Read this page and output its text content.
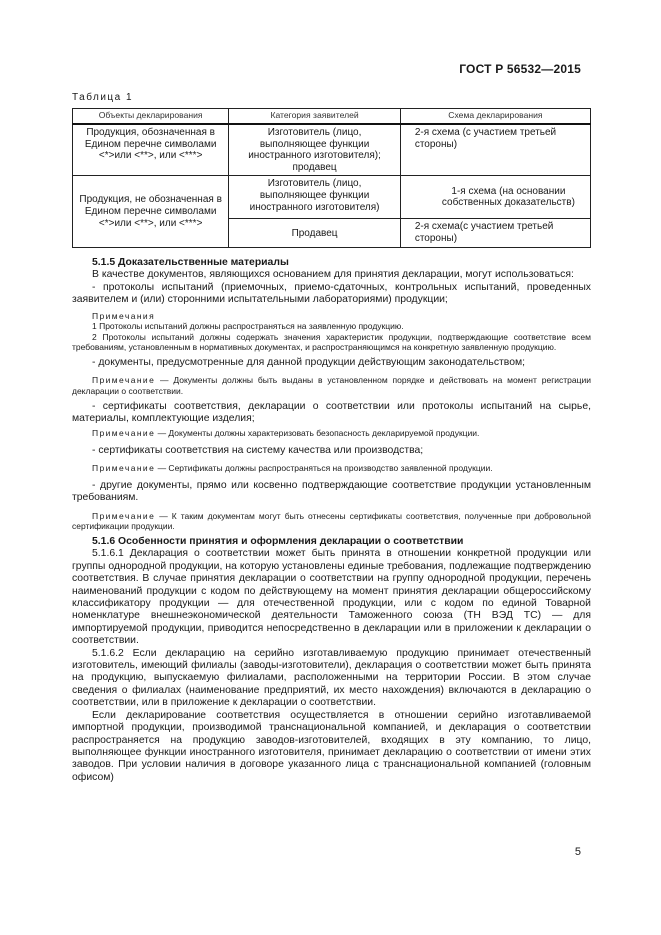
ГОСТ Р 56532—2015
Таблица 1
Объекты декларирования	Категория заявителей	Схема декларирования
Продукция, обозначенная в Едином перечне символами <*>или <**>, или <***>	Изготовитель (лицо, выполняющее функции иностранного изготовителя); продавец	2-я схема (с участием третьей стороны)
Продукция, не обозначенная в Едином перечне символами <*>или <**>, или <***>	Изготовитель (лицо, выполняющее функции иностранного изготовителя)	1-я схема (на основании собственных доказательств)
	Продавец	2-я схема(с участием третьей стороны)

5.1.5 Доказательственные материалы

В качестве документов, являющихся основанием для принятия декларации, могут использоваться:

- протоколы испытаний (приемочных, приемо-сдаточных, контрольных испытаний, проведенных заявителем и (или) сторонними испытательными лабораториями) продукции;

Примечания

1 Протоколы испытаний должны распространяться на заявленную продукцию.

2 Протоколы испытаний должны содержать значения характеристик продукции, подтверждающие соответствие всем требованиям, установленным в нормативных документах, и распространяющимся на конкретную заявленную продукцию.

- документы, предусмотренные для данной продукции действующим законодательством;

Примечание — Документы должны быть выданы в установленном порядке и действовать на момент регистрации декларации о соответствии.

- сертификаты соответствия, декларации о соответствии или протоколы испытаний на сырье, материалы, комплектующие изделия;

Примечание — Документы должны характеризовать безопасность декларируемой продукции.

- сертификаты соответствия на систему качества или производства;

Примечание — Сертификаты должны распространяться на производство заявленной продукции.

- другие документы, прямо или косвенно подтверждающие соответствие продукции установленным требованиям.

Примечание — К таким документам могут быть отнесены сертификаты соответствия, полученные при добровольной сертификации продукции.

5.1.6 Особенности принятия и оформления декларации о соответствии

5.1.6.1 Декларация о соответствии может быть принята в отношении конкретной продукции или группы однородной продукции, на которую установлены единые требования, подлежащие подтверждению соответствия. В случае принятия декларации о соответствии на группу однородной продукции, перечень наименований продукции с кодом по действующему на момент принятия декларации общероссийскому классификатору продукции — для отечественной продукции, или с кодом по единой Товарной номенклатуре внешнеэкономической деятельности Таможенного союза (ТН ВЭД ТС) — для импортируемой продукции, приводится непосредственно в декларации или в приложении к декларации о соответствии.

5.1.6.2 Если декларацию на серийно изготавливаемую продукцию принимает отечественный изготовитель, имеющий филиалы (заводы-изготовители), декларация о соответствии может быть принята на продукцию, выпускаемую филиалами, расположенными на территории России. В этом случае сведения о филиалах (наименование предприятий, их место нахождения) включаются в декларацию о соответствии, или в приложение к декларации о соответствии.

Если декларирование соответствия осуществляется в отношении серийно изготавливаемой импортной продукции, производимой транснациональной компанией, и декларация о соответствии распространяется на продукцию заводов-изготовителей, входящих в эту компанию, то лицо, выполняющее функции иностранного изготовителя, принимает декларацию о соответствии от имени этих заводов. При условии наличия в договоре указанного лица с транснациональной компанией (головным офисом)

5
